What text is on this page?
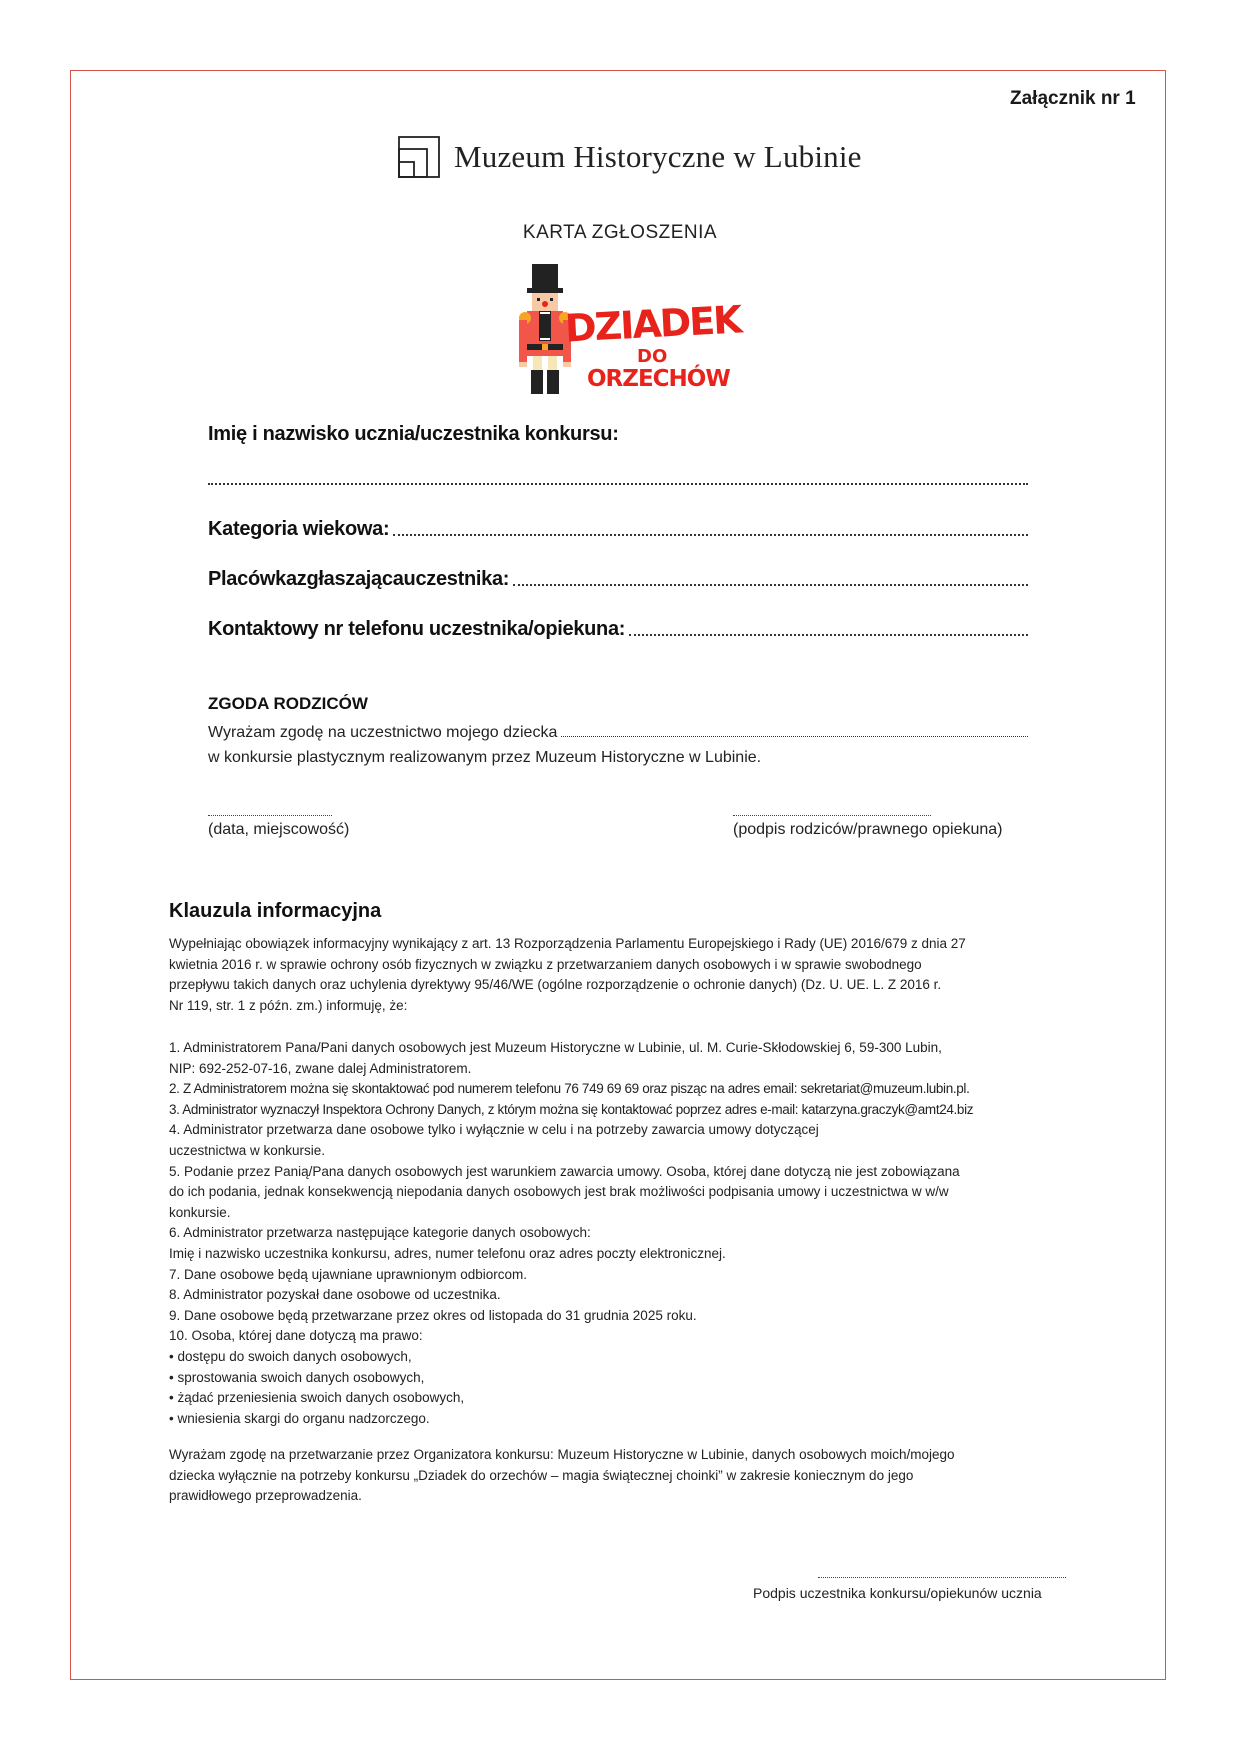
Załącznik nr 1
Muzeum Historyczne w Lubinie
KARTA ZGŁOSZENIA
DZIADEK
DO
ORZECHÓW
Imię i nazwisko ucznia/uczestnika konkursu:
Kategoria wiekowa:
Placówkazgłaszającauczestnika:
Kontaktowy nr telefonu uczestnika/opiekuna:
ZGODA RODZICÓW
Wyrażam zgodę na uczestnictwo mojego dziecka
w konkursie plastycznym realizowanym przez Muzeum Historyczne w Lubinie.
(data, miejscowość)	(podpis rodziców/prawnego opiekuna)
Klauzula informacyjna

Wypełniając obowiązek informacyjny wynikający z art. 13 Rozporządzenia Parlamentu Europejskiego i Rady (UE) 2016/679 z dnia 27

kwietnia 2016 r. w sprawie ochrony osób fizycznych w związku z przetwarzaniem danych osobowych i w sprawie swobodnego

przepływu takich danych oraz uchylenia dyrektywy 95/46/WE (ogólne rozporządzenie o ochronie danych) (Dz. U. UE. L. Z 2016 r.

Nr 119, str. 1 z późn. zm.) informuję, że:

1. Administratorem Pana/Pani danych osobowych jest Muzeum Historyczne w Lubinie, ul. M. Curie-Skłodowskiej 6, 59-300 Lubin,

NIP: 692-252-07-16, zwane dalej Administratorem.

2. Z Administratorem można się skontaktować pod numerem telefonu 76 749 69 69 oraz pisząc na adres email: sekretariat@muzeum.lubin.pl.

3. Administrator wyznaczył Inspektora Ochrony Danych, z którym można się kontaktować poprzez adres e-mail: katarzyna.graczyk@amt24.biz

4. Administrator przetwarza dane osobowe tylko i wyłącznie w celu i na potrzeby zawarcia umowy dotyczącej

uczestnictwa w konkursie.

5. Podanie przez Panią/Pana danych osobowych jest warunkiem zawarcia umowy. Osoba, której dane dotyczą nie jest zobowiązana

do ich podania, jednak konsekwencją niepodania danych osobowych jest brak możliwości podpisania umowy i uczestnictwa w w/w

konkursie.

6. Administrator przetwarza następujące kategorie danych osobowych:

Imię i nazwisko uczestnika konkursu, adres, numer telefonu oraz adres poczty elektronicznej.

7. Dane osobowe będą ujawniane uprawnionym odbiorcom.

8. Administrator pozyskał dane osobowe od uczestnika.

9. Dane osobowe będą przetwarzane przez okres od listopada do 31 grudnia 2025 roku.

10. Osoba, której dane dotyczą ma prawo:

• dostępu do swoich danych osobowych,

• sprostowania swoich danych osobowych,

• żądać przeniesienia swoich danych osobowych,

• wniesienia skargi do organu nadzorczego.

Wyrażam zgodę na przetwarzanie przez Organizatora konkursu: Muzeum Historyczne w Lubinie, danych osobowych moich/mojego

dziecka wyłącznie na potrzeby konkursu „Dziadek do orzechów – magia świątecznej choinki” w zakresie koniecznym do jego

prawidłowego przeprowadzenia.

Podpis uczestnika konkursu/opiekunów ucznia
